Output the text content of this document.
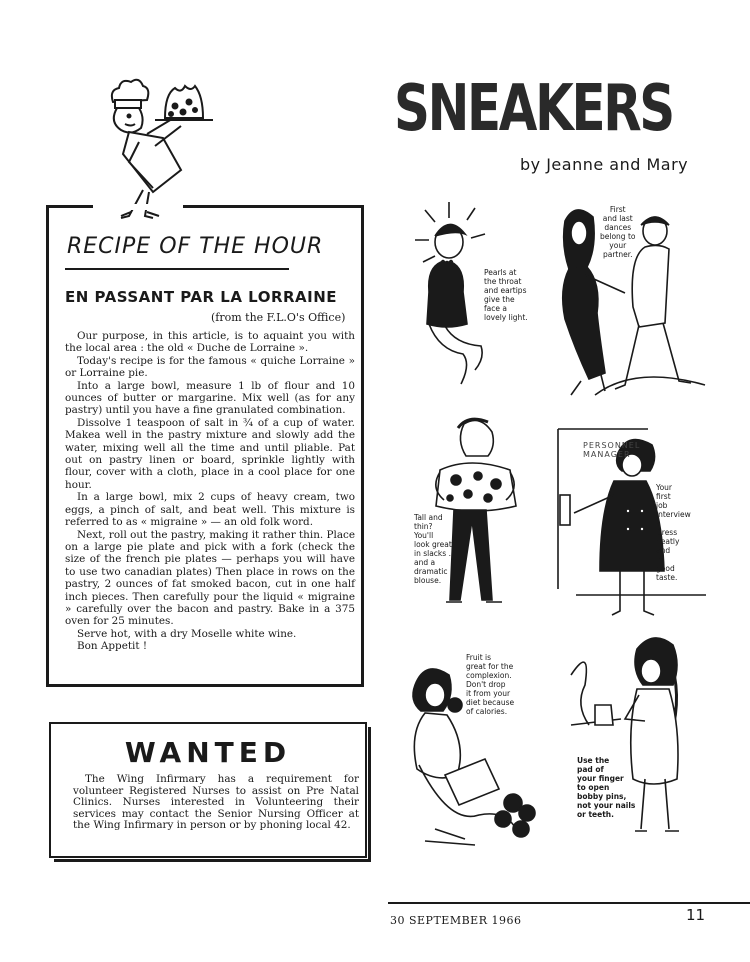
RECIPE OF THE HOUR
EN PASSANT PAR LA LORRAINE
(from the F.L.O's Office)

Our purpose, in this article, is to aquaint you with the local area : the old « Duche de Lorraine ».

Today's recipe is for the famous « quiche Lorraine » or Lorraine pie.

Into a large bowl, measure 1 lb of flour and 10 ounces of butter or margarine. Mix well (as for any pastry) until you have a fine granulated combination.

Dissolve 1 teaspoon of salt in ¾ of a cup of water. Makea well in the pastry mixture and slowly add the water, mixing well all the time and until pliable. Pat out on pastry linen or board, sprinkle lightly with flour, cover with a cloth, place in a cool place for one hour.

In a large bowl, mix 2 cups of heavy cream, two eggs, a pinch of salt, and beat well. This mixture is referred to as « migraine » — an old folk word.

Next, roll out the pastry, making it rather thin. Place on a large pie plate and pick with a fork (check the size of the french pie plates — perhaps you will have to use two canadian plates) Then place in rows on the pastry, 2 ounces of fat smoked bacon, cut in one half inch pieces. Then carefully pour the liquid « migraine » carefully over the bacon and pastry. Bake in a 375 oven for 25 minutes.

Serve hot, with a dry Moselle white wine.

Bon Appetit !

WANTED

The Wing Infirmary has a requirement for volunteer Registered Nurses to assist on Pre Natal Clinics. Nurses interested in Volunteering their services may contact the Senior Nursing Officer at the Wing Infirmary in person or by phoning local 42.

SNEAKERS
by Jeanne and Mary
Pearls at
the throat
and eartips
give the
face a
lovely light.
First
and last
dances
belong to
your
partner.
Tall and
thin?
You'll
look great
in slacks . . .
and a
dramatic
blouse.
PERSONNEL
MANAGER
Your
first
job
interview
?
Dress
neatly
and
in
good
taste.
Fruit is
great for the
complexion.
Don't drop
it from your
diet because
of calories.
Use the
pad of
your finger
to open
bobby pins,
not your nails
or teeth.
30 SEPTEMBER 1966	11
